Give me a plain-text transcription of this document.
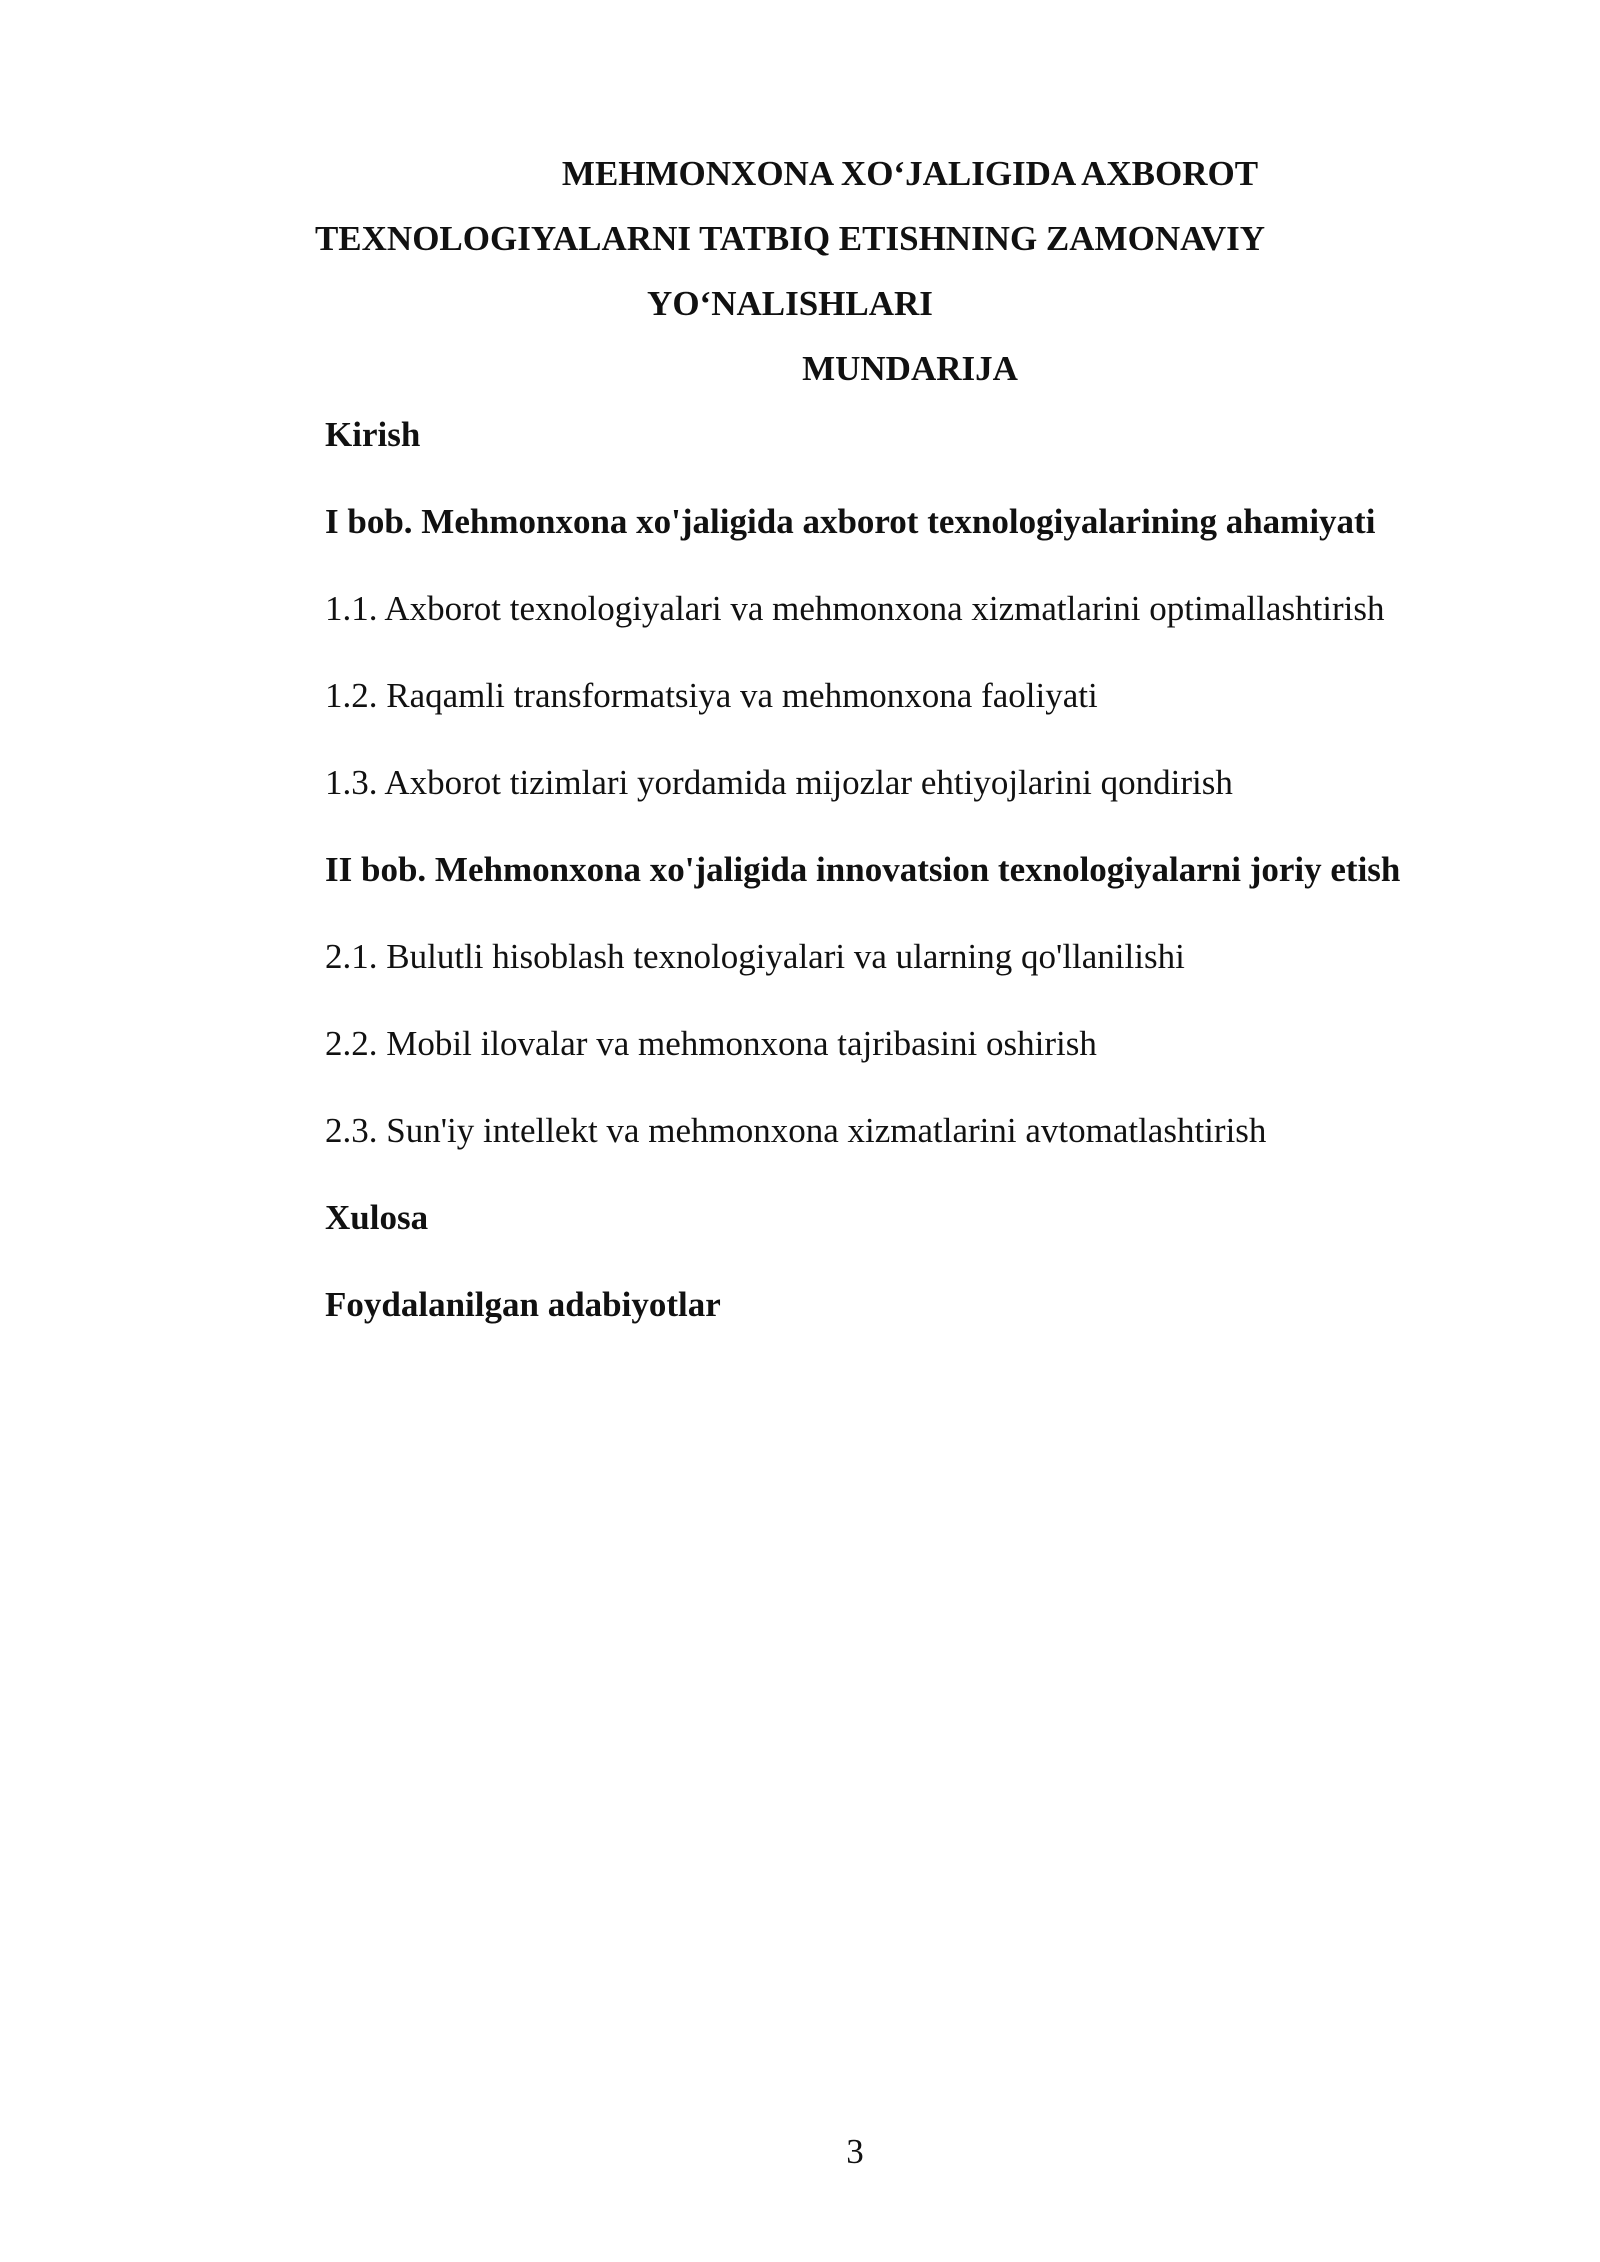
MEHMONXONA XO‘JALIGIDA AXBOROT
TEXNOLOGIYALARNI TATBIQ ETISHNING ZAMONAVIY
YO‘NALISHLARI
MUNDARIJA
Kirish
I bob. Mehmonxona xo'jaligida axborot texnologiyalarining ahamiyati
1.1. Axborot texnologiyalari va mehmonxona xizmatlarini optimallashtirish
1.2. Raqamli transformatsiya va mehmonxona faoliyati
1.3. Axborot tizimlari yordamida mijozlar ehtiyojlarini qondirish
II bob. Mehmonxona xo'jaligida innovatsion texnologiyalarni joriy etish
2.1. Bulutli hisoblash texnologiyalari va ularning qo'llanilishi
2.2. Mobil ilovalar va mehmonxona tajribasini oshirish
2.3. Sun'iy intellekt va mehmonxona xizmatlarini avtomatlashtirish
Xulosa
Foydalanilgan adabiyotlar
3
